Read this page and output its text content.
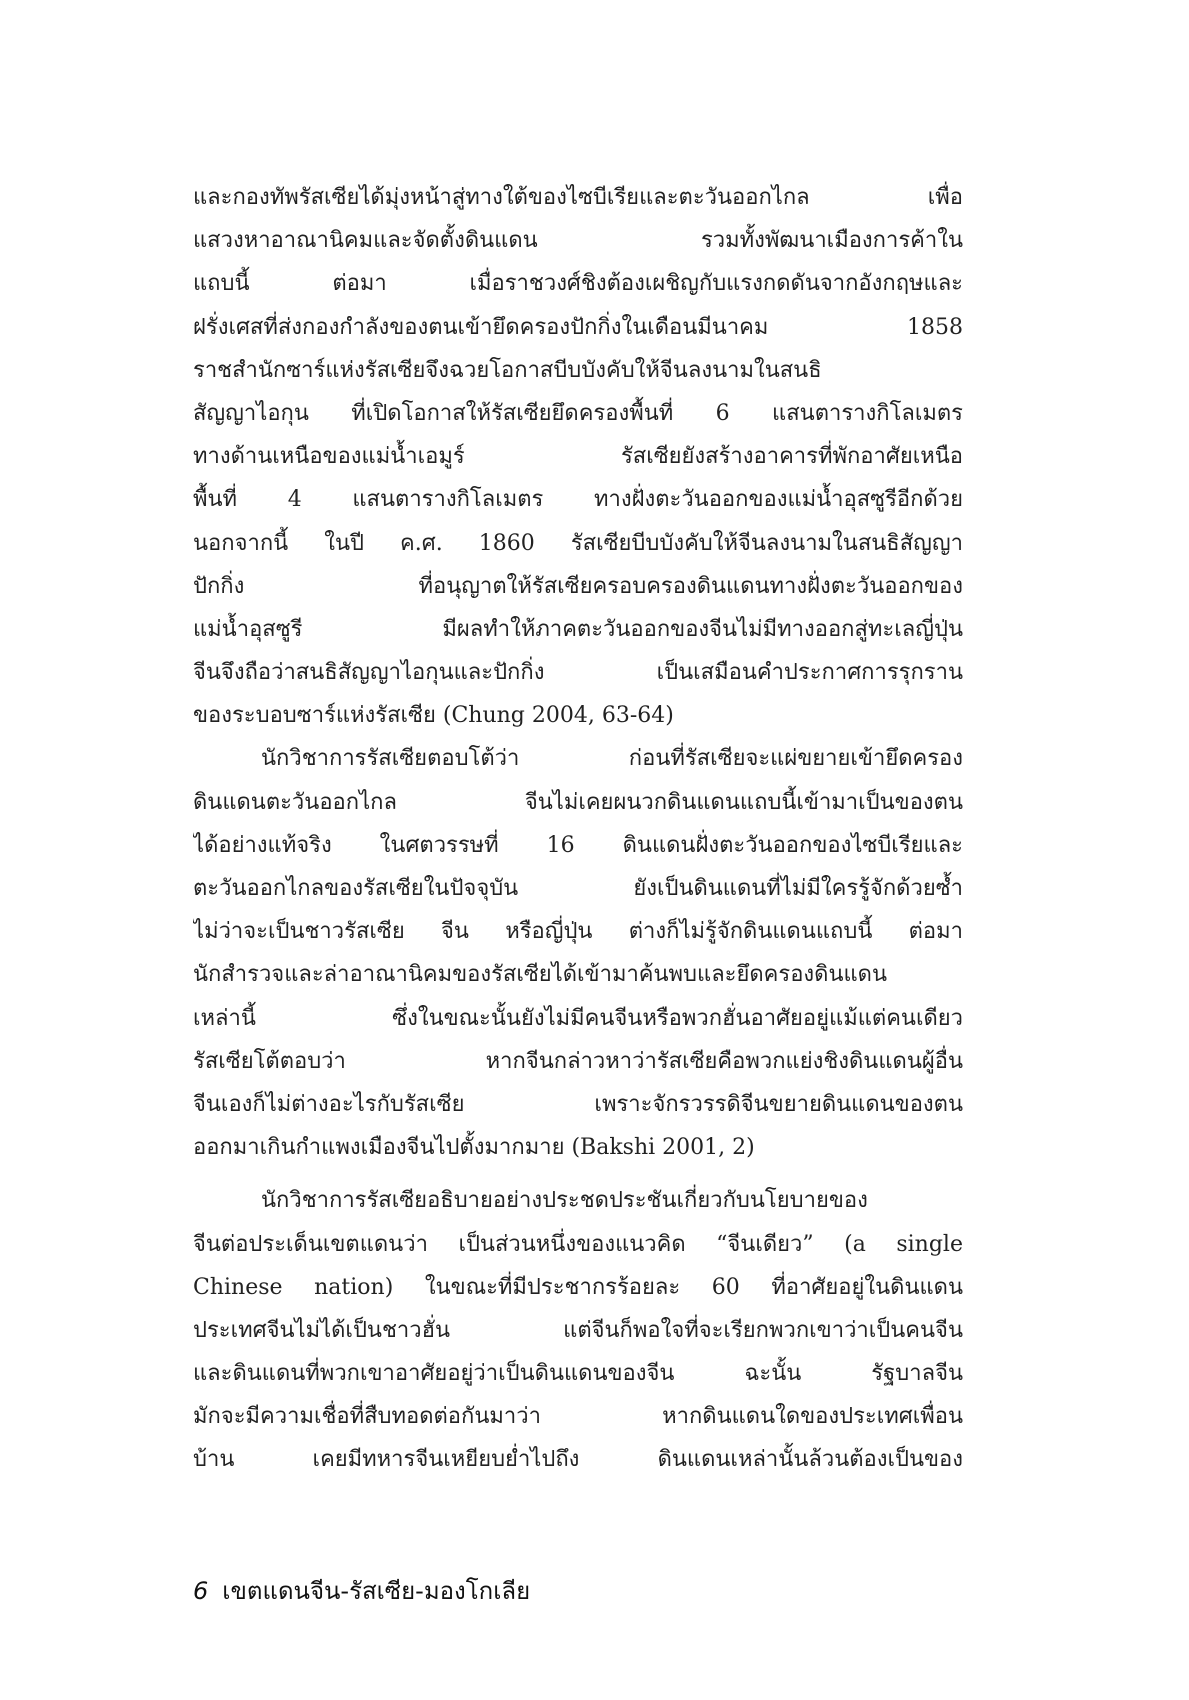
และกองทัพรัสเซียได้มุ่งหน้าสู่ทางใต้ของไซบีเรียและตะวันออกไกล เพื่อ
แสวงหาอาณานิคมและจัดตั้งดินแดน รวมทั้งพัฒนาเมืองการค้าใน
แถบนี้ ต่อมา เมื่อราชวงศ์ชิงต้องเผชิญกับแรงกดดันจากอังกฤษและ
ฝรั่งเศสที่ส่งกองกำลังของตนเข้ายึดครองปักกิ่งในเดือนมีนาคม 1858
ราชสำนักซาร์แห่งรัสเซียจึงฉวยโอกาสบีบบังคับให้จีนลงนามในสนธิ
สัญญาไอกุน ที่เปิดโอกาสให้รัสเซียยึดครองพื้นที่ 6 แสนตารางกิโลเมตร
ทางด้านเหนือของแม่น้ำเอมูร์ รัสเซียยังสร้างอาคารที่พักอาศัยเหนือ
พื้นที่ 4 แสนตารางกิโลเมตร ทางฝั่งตะวันออกของแม่น้ำอุสซูรีอีกด้วย
นอกจากนี้ ในปี ค.ศ. 1860 รัสเซียบีบบังคับให้จีนลงนามในสนธิสัญญา
ปักกิ่ง ที่อนุญาตให้รัสเซียครอบครองดินแดนทางฝั่งตะวันออกของ
แม่น้ำอุสซูรี มีผลทำให้ภาคตะวันออกของจีนไม่มีทางออกสู่ทะเลญี่ปุ่น
จีนจึงถือว่าสนธิสัญญาไอกุนและปักกิ่ง เป็นเสมือนคำประกาศการรุกราน
ของระบอบซาร์แห่งรัสเซีย (Chung 2004, 63-64)

นักวิชาการรัสเซียตอบโต้ว่า ก่อนที่รัสเซียจะแผ่ขยายเข้ายึดครอง
ดินแดนตะวันออกไกล จีนไม่เคยผนวกดินแดนแถบนี้เข้ามาเป็นของตน
ได้อย่างแท้จริง ในศตวรรษที่ 16 ดินแดนฝั่งตะวันออกของไซบีเรียและ
ตะวันออกไกลของรัสเซียในปัจจุบัน ยังเป็นดินแดนที่ไม่มีใครรู้จักด้วยซ้ำ
ไม่ว่าจะเป็นชาวรัสเซีย จีน หรือญี่ปุ่น ต่างก็ไม่รู้จักดินแดนแถบนี้ ต่อมา
นักสำรวจและล่าอาณานิคมของรัสเซียได้เข้ามาค้นพบและยึดครองดินแดน
เหล่านี้ ซึ่งในขณะนั้นยังไม่มีคนจีนหรือพวกฮั่นอาศัยอยู่แม้แต่คนเดียว
รัสเซียโต้ตอบว่า หากจีนกล่าวหาว่ารัสเซียคือพวกแย่งชิงดินแดนผู้อื่น
จีนเองก็ไม่ต่างอะไรกับรัสเซีย เพราะจักรวรรดิจีนขยายดินแดนของตน
ออกมาเกินกำแพงเมืองจีนไปตั้งมากมาย (Bakshi 2001, 2)

นักวิชาการรัสเซียอธิบายอย่างประชดประชันเกี่ยวกับนโยบายของ
จีนต่อประเด็นเขตแดนว่า เป็นส่วนหนึ่งของแนวคิด “จีนเดียว” (a single
Chinese nation) ในขณะที่มีประชากรร้อยละ 60 ที่อาศัยอยู่ในดินแดน
ประเทศจีนไม่ได้เป็นชาวฮั่น แต่จีนก็พอใจที่จะเรียกพวกเขาว่าเป็นคนจีน
และดินแดนที่พวกเขาอาศัยอยู่ว่าเป็นดินแดนของจีน ฉะนั้น รัฐบาลจีน
มักจะมีความเชื่อที่สืบทอดต่อกันมาว่า หากดินแดนใดของประเทศเพื่อน
บ้าน เคยมีทหารจีนเหยียบย่ำไปถึง ดินแดนเหล่านั้นล้วนต้องเป็นของ

6 เขตแดนจีน-รัสเซีย-มองโกเลีย
